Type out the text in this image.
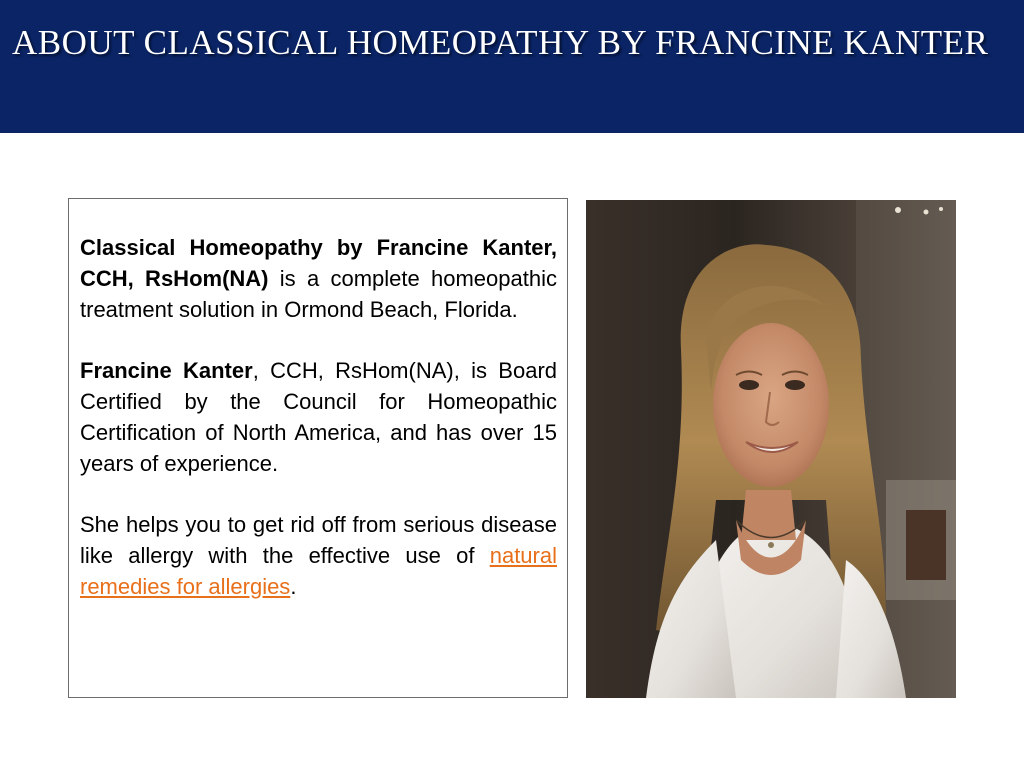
ABOUT CLASSICAL HOMEOPATHY BY FRANCINE KANTER

Classical Homeopathy by Francine Kanter, CCH, RsHom(NA) is a complete homeopathic treatment solution in Ormond Beach, Florida.

Francine Kanter, CCH, RsHom(NA), is Board Certified by the Council for Homeopathic Certification of North America, and has over 15 years of experience.

She helps you to get rid off from serious disease like allergy with the effective use of natural remedies for allergies.
